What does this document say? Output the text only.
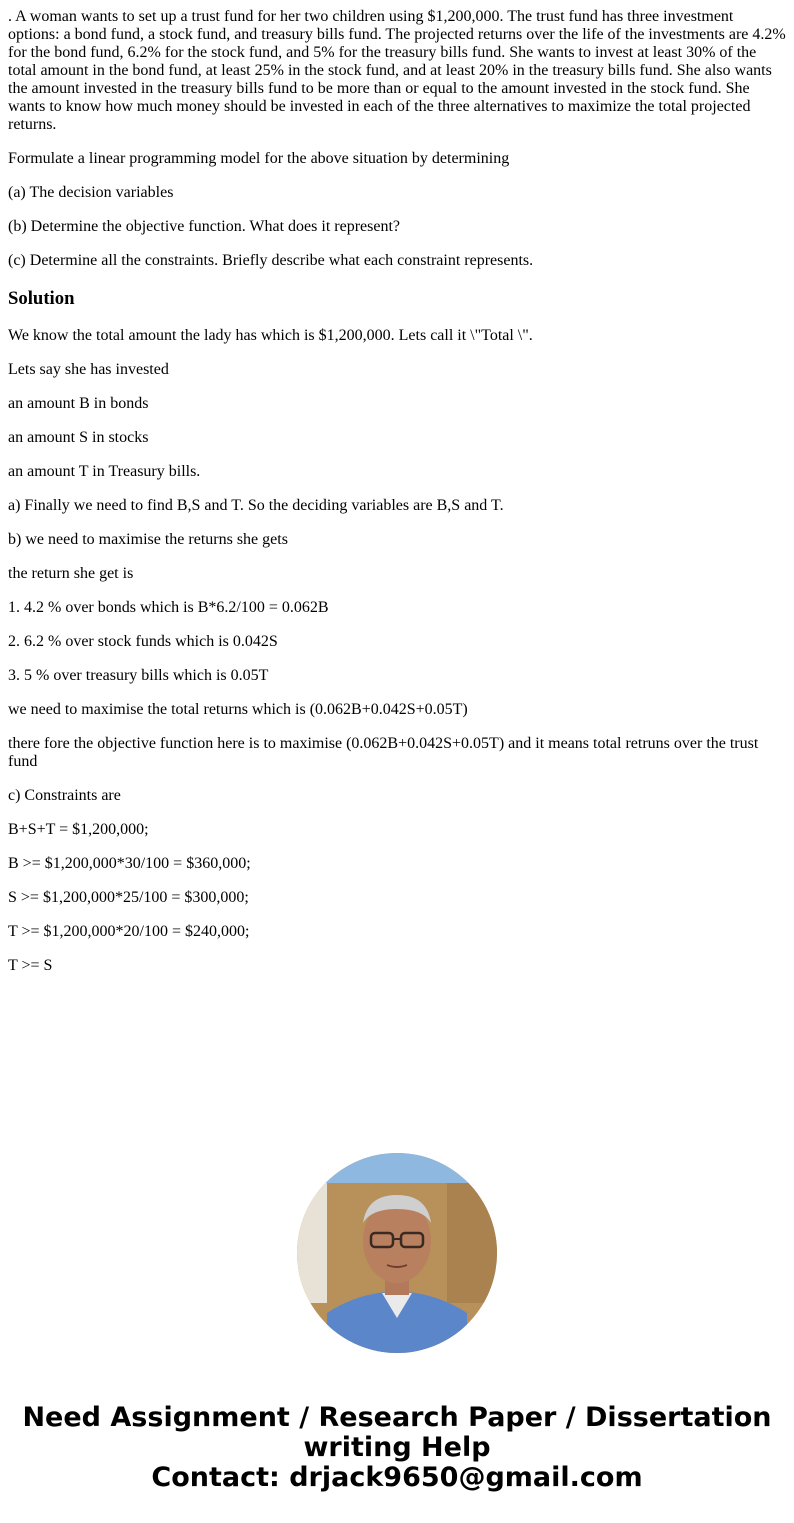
. A woman wants to set up a trust fund for her two children using $1,200,000. The trust fund has three investment options: a bond fund, a stock fund, and treasury bills fund. The projected returns over the life of the investments are 4.2% for the bond fund, 6.2% for the stock fund, and 5% for the treasury bills fund. She wants to invest at least 30% of the total amount in the bond fund, at least 25% in the stock fund, and at least 20% in the treasury bills fund. She also wants the amount invested in the treasury bills fund to be more than or equal to the amount invested in the stock fund. She wants to know how much money should be invested in each of the three alternatives to maximize the total projected returns.

Formulate a linear programming model for the above situation by determining

(a) The decision variables

(b) Determine the objective function. What does it represent?

(c) Determine all the constraints. Briefly describe what each constraint represents.

Solution

We know the total amount the lady has which is $1,200,000. Lets call it \"Total \".

Lets say she has invested

an amount B in bonds

an amount S in stocks

an amount T in Treasury bills.

a) Finally we need to find B,S and T. So the deciding variables are B,S and T.

b) we need to maximise the returns she gets

the return she get is

1. 4.2 % over bonds which is B*6.2/100 = 0.062B

2. 6.2 % over stock funds which is 0.042S

3. 5 % over treasury bills which is 0.05T

we need to maximise the total returns which is (0.062B+0.042S+0.05T)

there fore the objective function here is to maximise (0.062B+0.042S+0.05T) and it means total retruns over the trust fund

c) Constraints are

B+S+T = $1,200,000;

B >= $1,200,000*30/100 = $360,000;

S >= $1,200,000*25/100 = $300,000;

T >= $1,200,000*20/100 = $240,000;

T >= S

Need Assignment / Research Paper / Dissertation
writing Help
Contact: drjack9650@gmail.com
